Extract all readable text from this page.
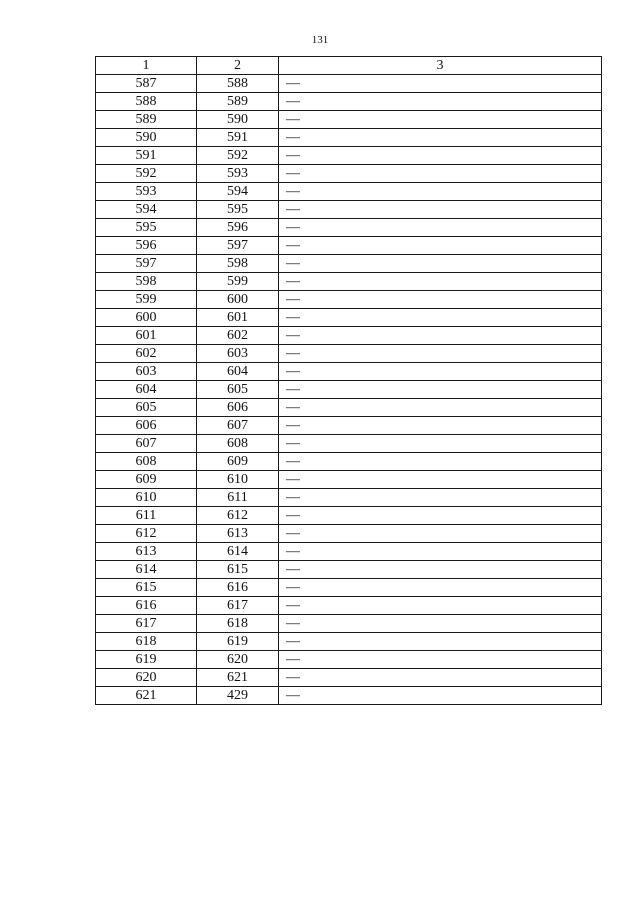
131
1	2	3
587	588	—
588	589	—
589	590	—
590	591	—
591	592	—
592	593	—
593	594	—
594	595	—
595	596	—
596	597	—
597	598	—
598	599	—
599	600	—
600	601	—
601	602	—
602	603	—
603	604	—
604	605	—
605	606	—
606	607	—
607	608	—
608	609	—
609	610	—
610	611	—
611	612	—
612	613	—
613	614	—
614	615	—
615	616	—
616	617	—
617	618	—
618	619	—
619	620	—
620	621	—
621	429	—
